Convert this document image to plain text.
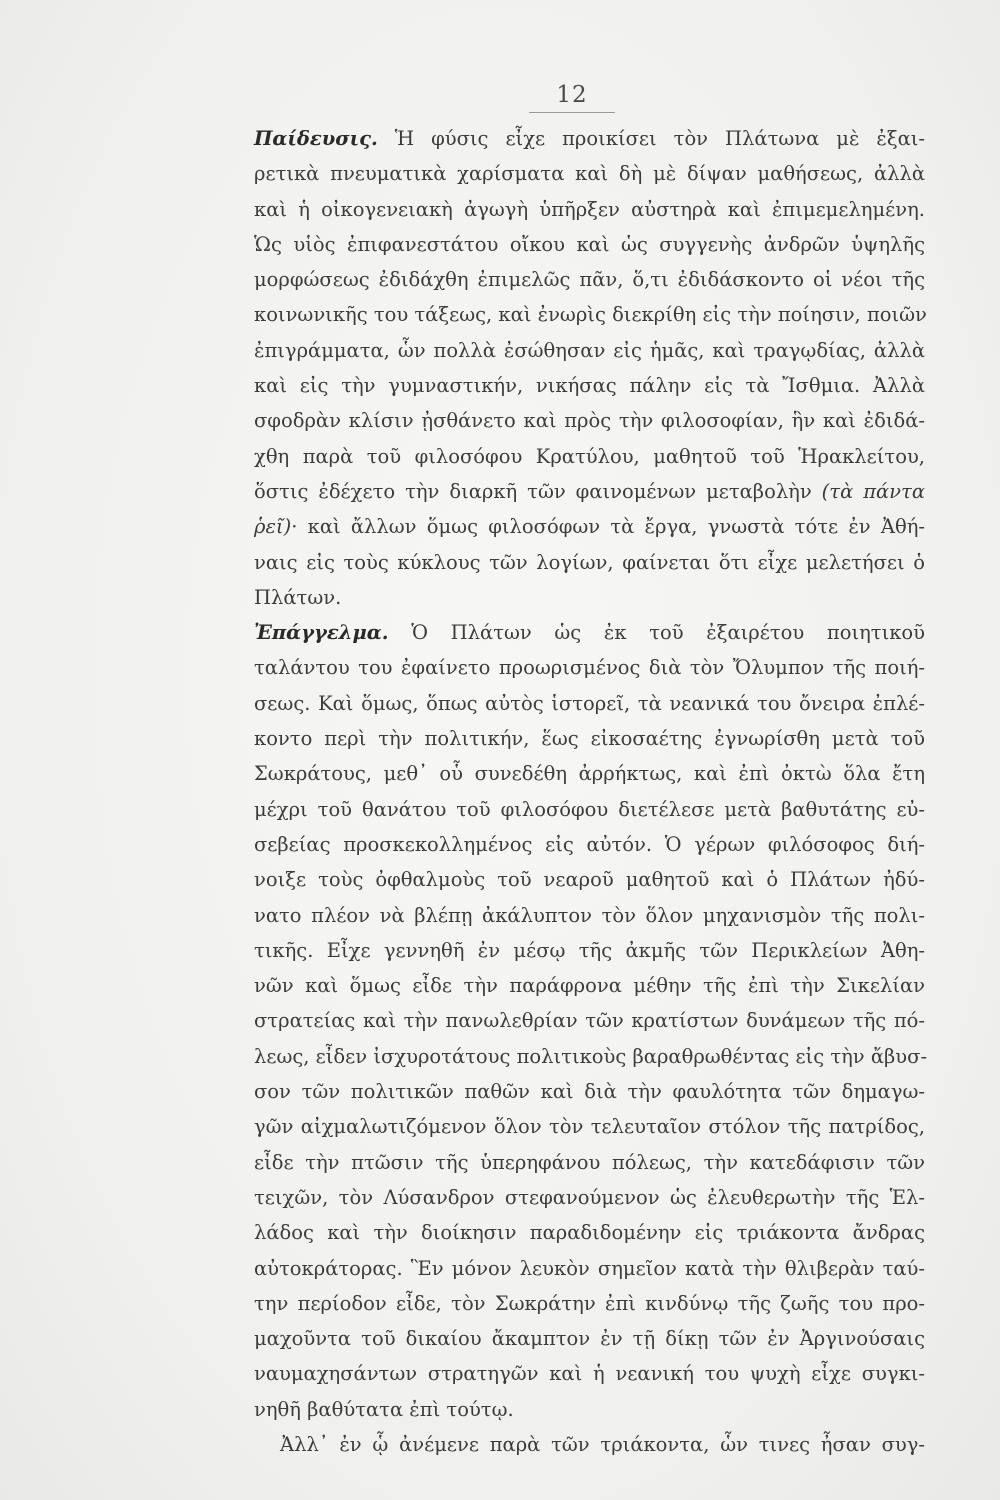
12
Παίδευσις. Ἡ φύσις εἶχε προικίσει τὸν Πλάτωνα μὲ ἐξαι-
ρετικὰ πνευματικὰ χαρίσματα καὶ δὴ μὲ δίψαν μαθήσεως, ἀλλὰ
καὶ ἡ οἰκογενειακὴ ἀγωγὴ ὑπῆρξεν αὐστηρὰ καὶ ἐπιμεμελημένη.
Ὡς υἱὸς ἐπιφανεστάτου οἴκου καὶ ὡς συγγενὴς ἀνδρῶν ὑψηλῆς
μορφώσεως ἐδιδάχθη ἐπιμελῶς πᾶν, ὅ,τι ἐδιδάσκοντο οἱ νέοι τῆς
κοινωνικῆς του τάξεως, καὶ ἐνωρὶς διεκρίθη εἰς τὴν ποίησιν, ποιῶν
ἐπιγράμματα, ὧν πολλὰ ἐσώθησαν εἰς ἡμᾶς, καὶ τραγῳδίας, ἀλλὰ
καὶ εἰς τὴν γυμναστικήν, νικήσας πάλην εἰς τὰ Ἴσθμια. Ἀλλὰ
σφοδρὰν κλίσιν ᾐσθάνετο καὶ πρὸς τὴν φιλοσοφίαν, ἣν καὶ ἐδιδά-
χθη παρὰ τοῦ φιλοσόφου Κρατύλου, μαθητοῦ τοῦ Ἡρακλείτου,
ὅστις ἐδέχετο τὴν διαρκῆ τῶν φαινομένων μεταβολὴν (τὰ πάντα
ῥεῖ)· καὶ ἄλλων ὅμως φιλοσόφων τὰ ἔργα, γνωστὰ τότε ἐν Ἀθή-
ναις εἰς τοὺς κύκλους τῶν λογίων, φαίνεται ὅτι εἶχε μελετήσει ὁ
Πλάτων.
Ἐπάγγελμα. Ὁ Πλάτων ὡς ἐκ τοῦ ἐξαιρέτου ποιητικοῦ
ταλάντου του ἐφαίνετο προωρισμένος διὰ τὸν Ὄλυμπον τῆς ποιή-
σεως. Καὶ ὅμως, ὅπως αὐτὸς ἱστορεῖ, τὰ νεανικά του ὄνειρα ἐπλέ-
κοντο περὶ τὴν πολιτικήν, ἕως εἰκοσαέτης ἐγνωρίσθη μετὰ τοῦ
Σωκράτους, μεθ᾽ οὗ συνεδέθη ἀρρήκτως, καὶ ἐπὶ ὀκτὼ ὅλα ἔτη
μέχρι τοῦ θανάτου τοῦ φιλοσόφου διετέλεσε μετὰ βαθυτάτης εὐ-
σεβείας προσκεκολλημένος εἰς αὐτόν. Ὁ γέρων φιλόσοφος διή-
νοιξε τοὺς ὀφθαλμοὺς τοῦ νεαροῦ μαθητοῦ καὶ ὁ Πλάτων ἠδύ-
νατο πλέον νὰ βλέπῃ ἀκάλυπτον τὸν ὅλον μηχανισμὸν τῆς πολι-
τικῆς. Εἶχε γεννηθῆ ἐν μέσῳ τῆς ἀκμῆς τῶν Περικλείων Ἀθη-
νῶν καὶ ὅμως εἶδε τὴν παράφρονα μέθην τῆς ἐπὶ τὴν Σικελίαν
στρατείας καὶ τὴν πανωλεθρίαν τῶν κρατίστων δυνάμεων τῆς πό-
λεως, εἶδεν ἰσχυροτάτους πολιτικοὺς βαραθρωθέντας εἰς τὴν ἄβυσ-
σον τῶν πολιτικῶν παθῶν καὶ διὰ τὴν φαυλότητα τῶν δημαγω-
γῶν αἰχμαλωτιζόμενον ὅλον τὸν τελευταῖον στόλον τῆς πατρίδος,
εἶδε τὴν πτῶσιν τῆς ὑπερηφάνου πόλεως, τὴν κατεδάφισιν τῶν
τειχῶν, τὸν Λύσανδρον στεφανούμενον ὡς ἐλευθερωτὴν τῆς Ἑλ-
λάδος καὶ τὴν διοίκησιν παραδιδομένην εἰς τριάκοντα ἄνδρας
αὐτοκράτορας. Ἓν μόνον λευκὸν σημεῖον κατὰ τὴν θλιβερὰν ταύ-
την περίοδον εἶδε, τὸν Σωκράτην ἐπὶ κινδύνῳ τῆς ζωῆς του προ-
μαχοῦντα τοῦ δικαίου ἄκαμπτον ἐν τῇ δίκῃ τῶν ἐν Ἀργινούσαις
ναυμαχησάντων στρατηγῶν καὶ ἡ νεανική του ψυχὴ εἶχε συγκι-
νηθῆ βαθύτατα ἐπὶ τούτῳ.
Ἀλλ᾽ ἐν ᾧ ἀνέμενε παρὰ τῶν τριάκοντα, ὧν τινες ἦσαν συγ-
